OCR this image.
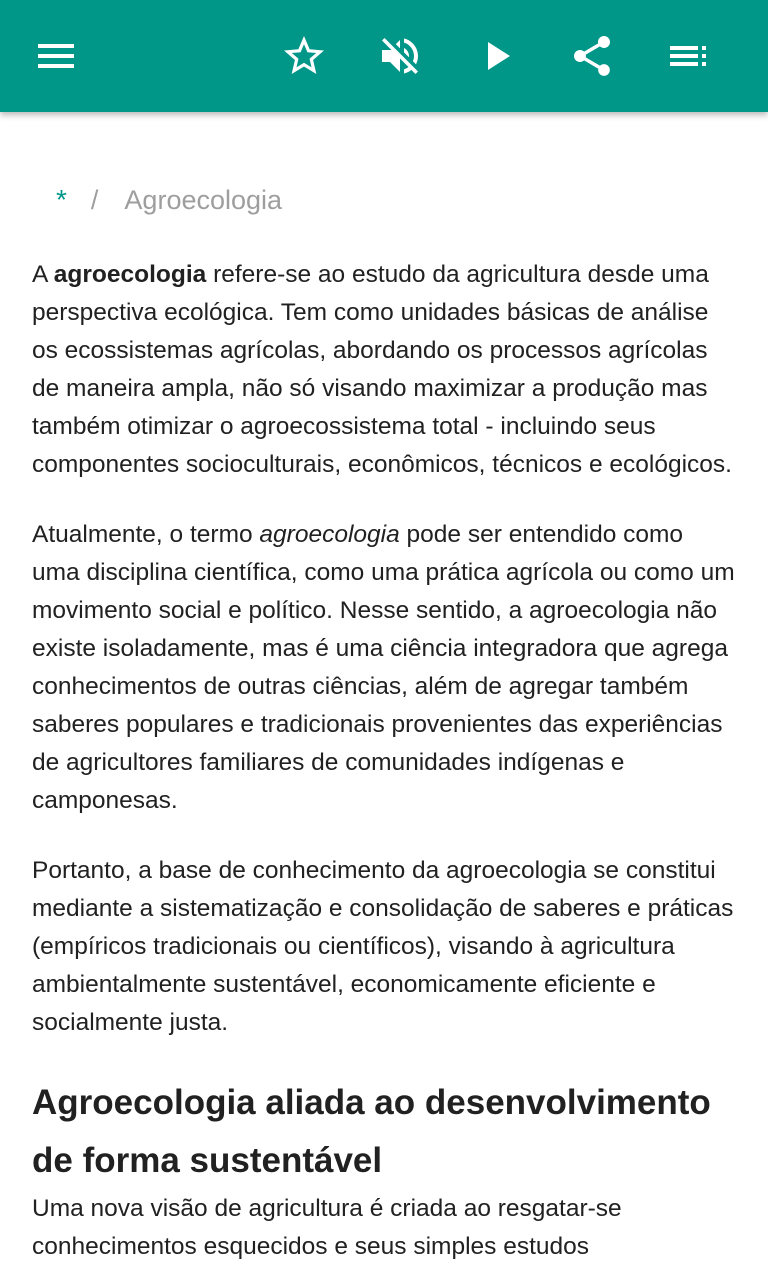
* / Agroecologia

A agroecologia refere-se ao estudo da agricultura desde uma perspectiva ecológica. Tem como unidades básicas de análise os ecossistemas agrícolas, abordando os processos agrícolas de maneira ampla, não só visando maximizar a produção mas também otimizar o agroecossistema total - incluindo seus componentes socioculturais, econômicos, técnicos e ecológicos.

Atualmente, o termo agroecologia pode ser entendido como uma disciplina científica, como uma prática agrícola ou como um movimento social e político. Nesse sentido, a agroecologia não existe isoladamente, mas é uma ciência integradora que agrega conhecimentos de outras ciências, além de agregar também saberes populares e tradicionais provenientes das experiências de agricultores familiares de comunidades indígenas e camponesas.

Portanto, a base de conhecimento da agroecologia se constitui mediante a sistematização e consolidação de saberes e práticas (empíricos tradicionais ou científicos), visando à agricultura ambientalmente sustentável, economicamente eficiente e socialmente justa.

Agroecologia aliada ao desenvolvimento de forma sustentável

Uma nova visão de agricultura é criada ao resgatar-se conhecimentos esquecidos e seus simples estudos
